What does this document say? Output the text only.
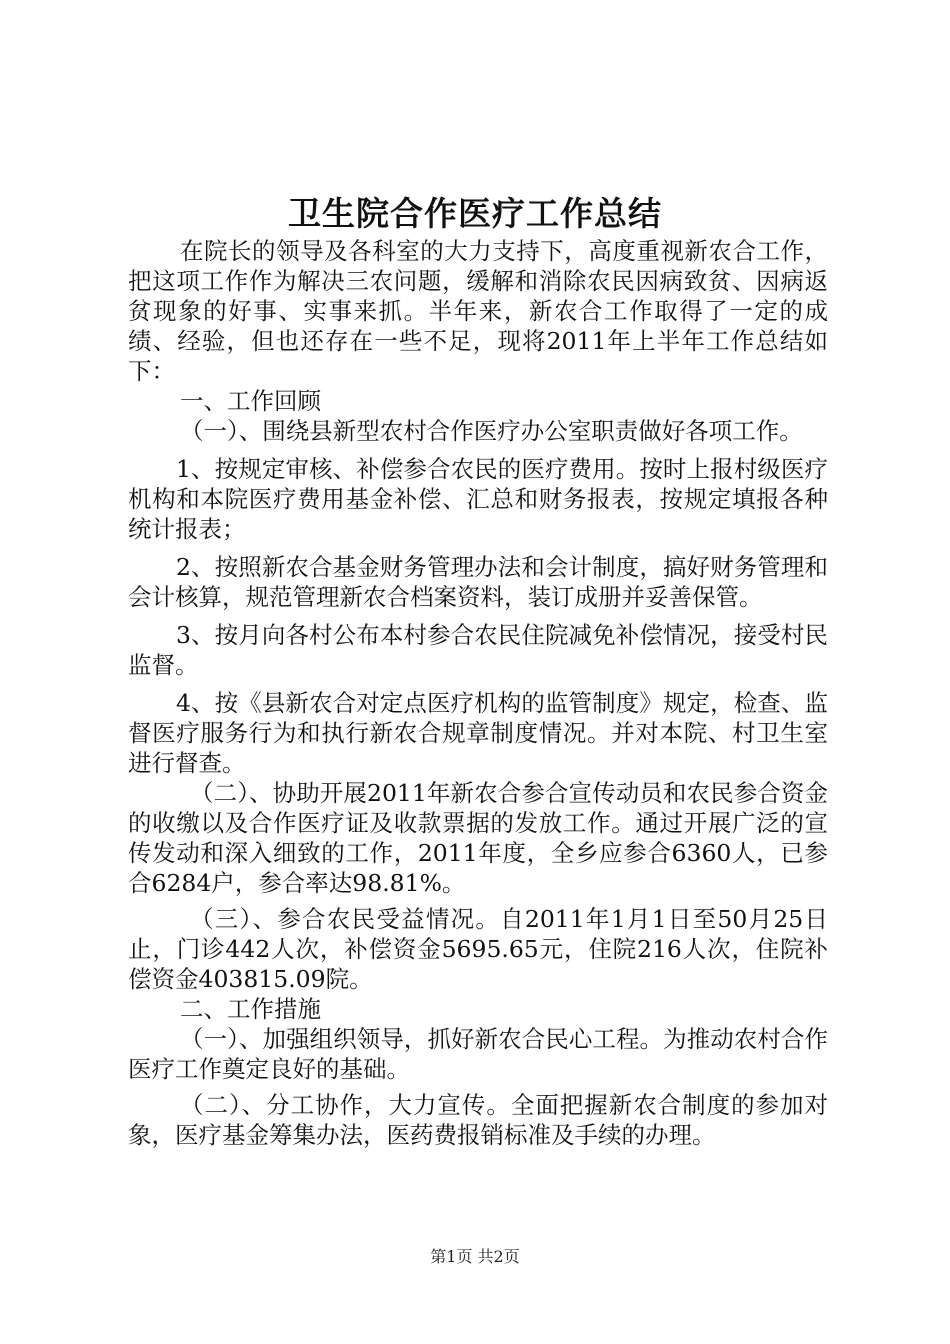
卫生院合作医疗工作总结

在院长的领导及各科室的大力支持下，高度重视新农合工作，把这项工作作为解决三农问题，缓解和消除农民因病致贫、因病返贫现象的好事、实事来抓。半年来，新农合工作取得了一定的成绩、经验，但也还存在一些不足，现将2011年上半年工作总结如下：

一、工作回顾

（一）、围绕县新型农村合作医疗办公室职责做好各项工作。

1、按规定审核、补偿参合农民的医疗费用。按时上报村级医疗机构和本院医疗费用基金补偿、汇总和财务报表，按规定填报各种统计报表；

2、按照新农合基金财务管理办法和会计制度，搞好财务管理和会计核算，规范管理新农合档案资料，装订成册并妥善保管。

3、按月向各村公布本村参合农民住院减免补偿情况，接受村民监督。

4、按《县新农合对定点医疗机构的监管制度》规定，检查、监督医疗服务行为和执行新农合规章制度情况。并对本院、村卫生室进行督查。

（二）、协助开展2011年新农合参合宣传动员和农民参合资金的收缴以及合作医疗证及收款票据的发放工作。通过开展广泛的宣传发动和深入细致的工作，2011年度，全乡应参合6360人，已参合6284户，参合率达98.81%。

（三）、参合农民受益情况。自2011年1月1日至50月25日止，门诊442人次，补偿资金5695.65元，住院216人次，住院补偿资金403815.09院。

二、工作措施

（一）、加强组织领导，抓好新农合民心工程。为推动农村合作医疗工作奠定良好的基础。

（二）、分工协作，大力宣传。全面把握新农合制度的参加对象，医疗基金筹集办法，医药费报销标准及手续的办理。

第1页 共2页
